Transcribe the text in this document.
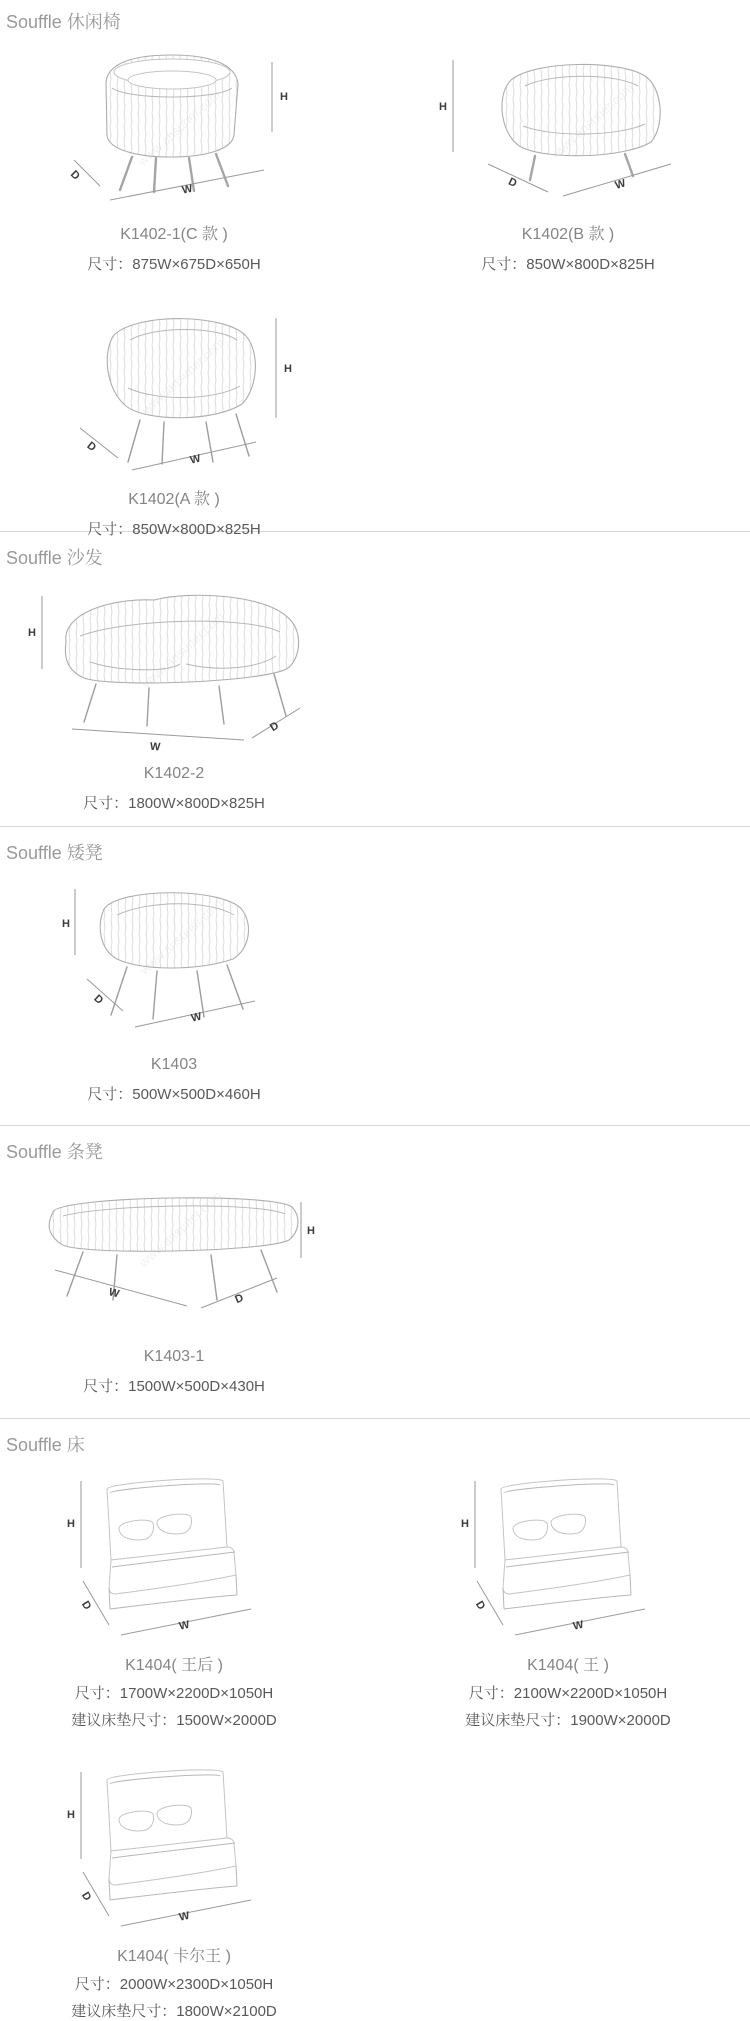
Souffle 休闲椅
H
D
W
K1402-1(C 款 )
尺寸：875W×675D×650H
H
D	W
K1402(B 款 )
尺寸：850W×800D×825H
H
D
W
K1402(A 款 )
尺寸：850W×800D×825H
Souffle 沙发
H
W
D
K1402-2
尺寸：1800W×800D×825H
Souffle 矮凳
H
D
W
K1403
尺寸：500W×500D×460H
Souffle 条凳
H
W	D
K1403-1
尺寸：1500W×500D×430H
Souffle 床
H
D
W
K1404( 王后 )
尺寸：1700W×2200D×1050H
建议床垫尺寸：1500W×2000D
H
D
W
K1404( 王 )
尺寸：2100W×2200D×1050H
建议床垫尺寸：1900W×2000D
H
D
W
K1404( 卡尔王 )
尺寸：2000W×2300D×1050H
建议床垫尺寸：1800W×2100D
